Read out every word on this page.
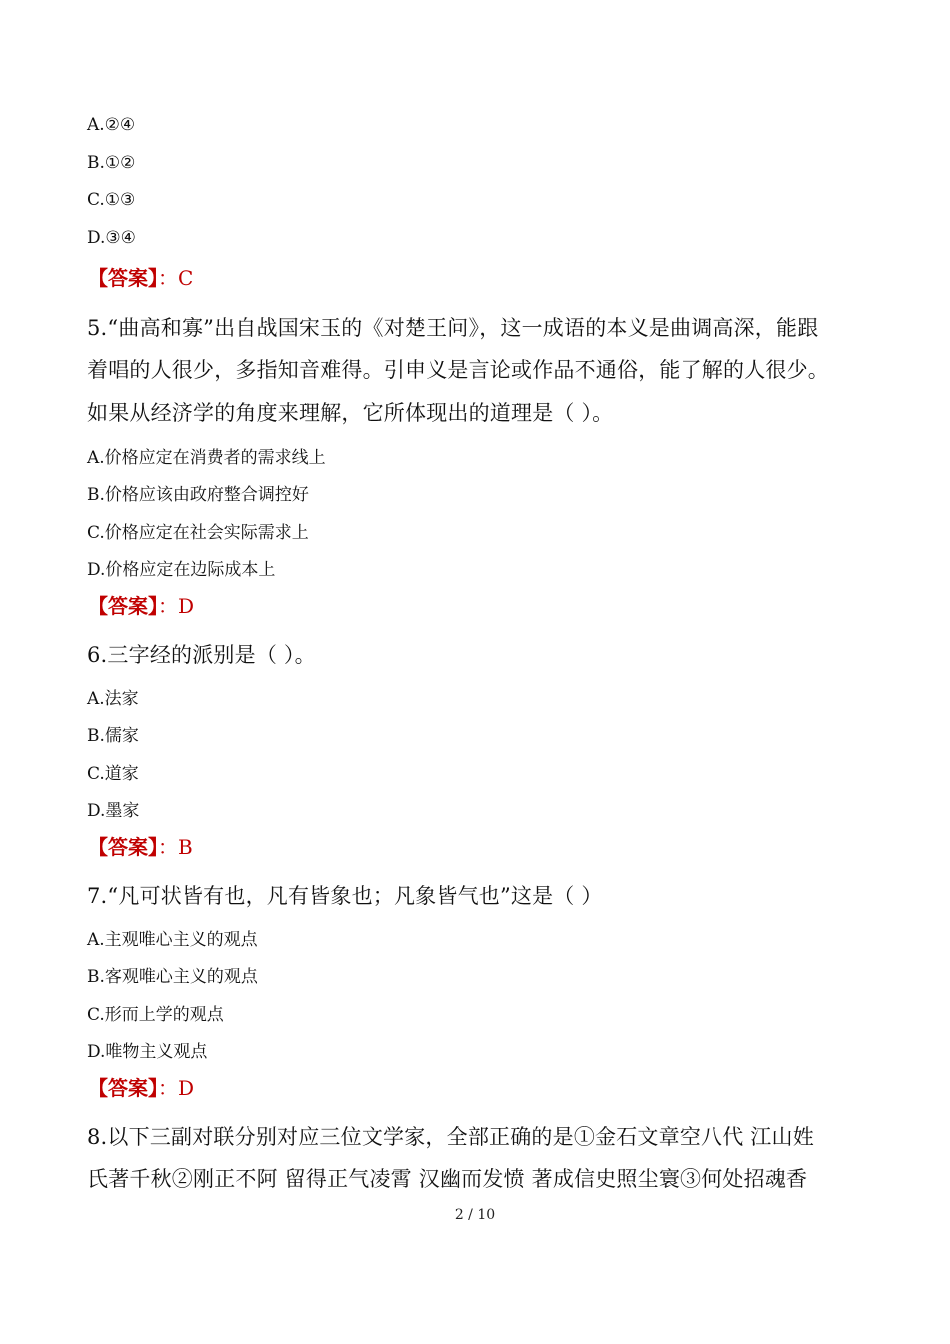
A.②④
B.①②
C.①③
D.③④
【答案】：C
5.“曲高和寡”出自战国宋玉的《对楚王问》，这一成语的本义是曲调高深，能跟
着唱的人很少，多指知音难得。引申义是言论或作品不通俗，能了解的人很少。
如果从经济学的角度来理解，它所体现出的道理是（ ）。
A.价格应定在消费者的需求线上
B.价格应该由政府整合调控好
C.价格应定在社会实际需求上
D.价格应定在边际成本上
【答案】：D
6.三字经的派别是（ ）。
A.法家
B.儒家
C.道家
D.墨家
【答案】：B
7.“凡可状皆有也，凡有皆象也；凡象皆气也”这是（ ）
A.主观唯心主义的观点
B.客观唯心主义的观点
C.形而上学的观点
D.唯物主义观点
【答案】：D
8.以下三副对联分别对应三位文学家，全部正确的是①金石文章空八代 江山姓
氏著千秋②刚正不阿 留得正气凌霄 汉幽而发愤 著成信史照尘寰③何处招魂香
2 / 10
